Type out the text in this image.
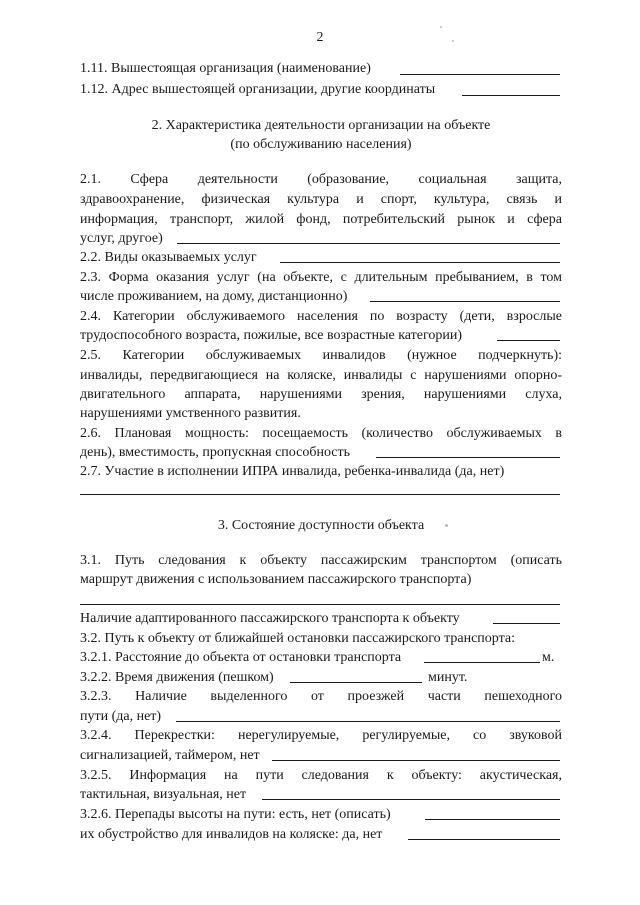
2
1.11. Вышестоящая организация (наименование)
1.12. Адрес вышестоящей организации, другие координаты
2. Характеристика деятельности организации на объекте
(по обслуживанию населения)
2.1. Сфера деятельности (образование, социальная защита,
здравоохранение, физическая культура и спорт, культура, связь и
информация, транспорт, жилой фонд, потребительский рынок и сфера
услуг, другое)
2.2. Виды оказываемых услуг
2.3. Форма оказания услуг (на объекте, с длительным пребыванием, в том
числе проживанием, на дому, дистанционно)
2.4. Категории обслуживаемого населения по возрасту (дети, взрослые
трудоспособного возраста, пожилые, все возрастные категории)
2.5. Категории обслуживаемых инвалидов (нужное подчеркнуть):
инвалиды, передвигающиеся на коляске, инвалиды с нарушениями опорно-
двигательного аппарата, нарушениями зрения, нарушениями слуха,
нарушениями умственного развития.
2.6. Плановая мощность: посещаемость (количество обслуживаемых в
день), вместимость, пропускная способность
2.7. Участие в исполнении ИПРА инвалида, ребенка-инвалида (да, нет)
3. Состояние доступности объекта
3.1. Путь следования к объекту пассажирским транспортом (описать
маршрут движения с использованием пассажирского транспорта)
Наличие адаптированного пассажирского транспорта к объекту
3.2. Путь к объекту от ближайшей остановки пассажирского транспорта:
3.2.1. Расстояние до объекта от остановки транспорта	м.
3.2.2. Время движения (пешком)	минут.
3.2.3. Наличие выделенного от проезжей части пешеходного
пути (да, нет)
3.2.4. Перекрестки: нерегулируемые, регулируемые, со звуковой
сигнализацией, таймером, нет
3.2.5. Информация на пути следования к объекту: акустическая,
тактильная, визуальная, нет
3.2.6. Перепады высоты на пути: есть, нет (описать)
их обустройство для инвалидов на коляске: да, нет
